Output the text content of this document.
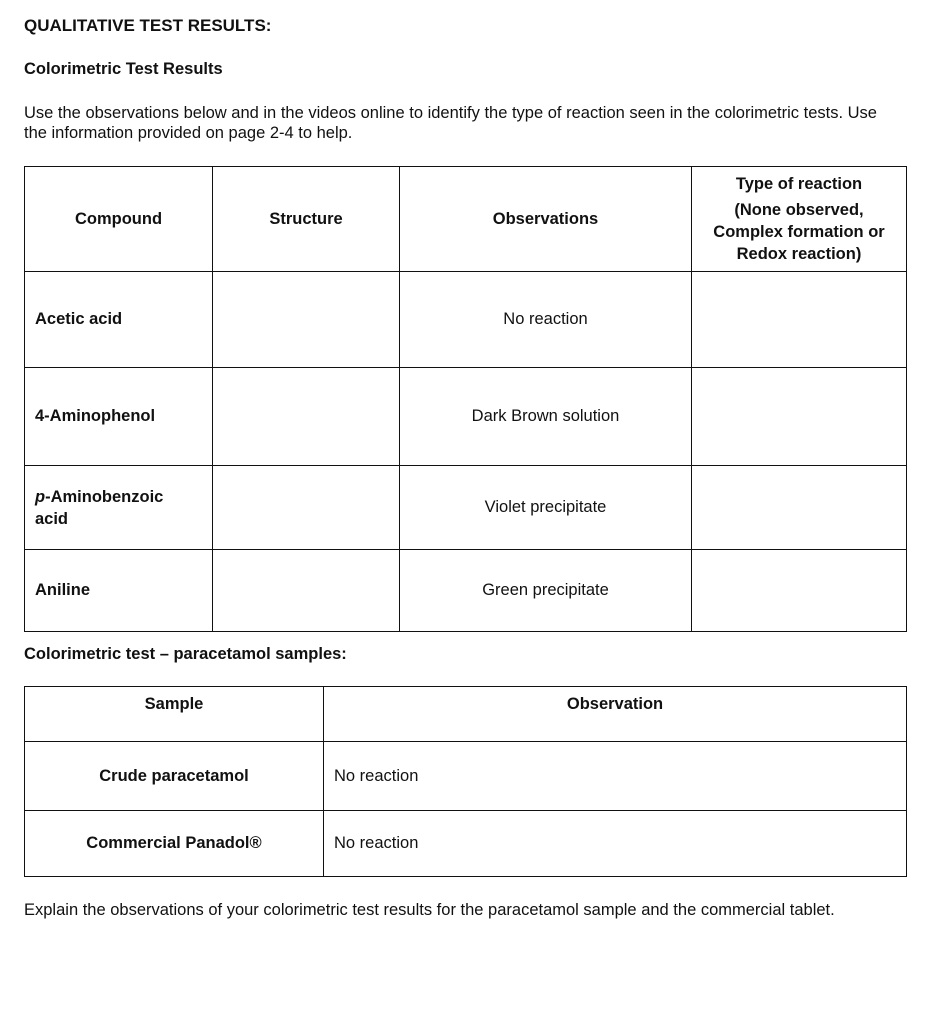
QUALITATIVE TEST RESULTS:
Colorimetric Test Results
Use the observations below and in the videos online to identify the type of reaction seen in the colorimetric tests. Use the information provided on page 2-4 to help.
Compound	Structure	Observations	Type of reaction
(None observed, Complex formation or Redox reaction)

Acetic acid		No reaction	
4-Aminophenol		Dark Brown solution	
p-Aminobenzoic acid		Violet precipitate	
Aniline		Green precipitate	
Colorimetric test – paracetamol samples:
Sample	Observation
Crude paracetamol	No reaction
Commercial Panadol®	No reaction
Explain the observations of your colorimetric test results for the paracetamol sample and the commercial tablet.
